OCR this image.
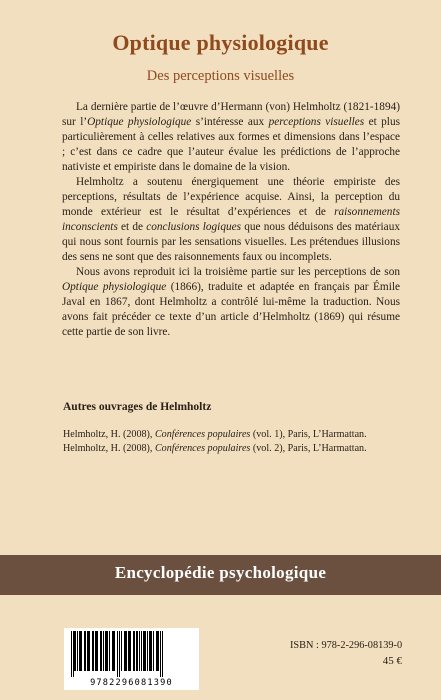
Optique physiologique
Des perceptions visuelles

La dernière partie de l’œuvre d’Hermann (von) Helmholtz (1821-1894) sur l’Optique physiologique s’intéresse aux perceptions visuelles et plus particulièrement à celles relatives aux formes et dimensions dans l’espace ; c’est dans ce cadre que l’auteur évalue les prédictions de l’approche nativiste et empiriste dans le domaine de la vision.

Helmholtz a soutenu énergiquement une théorie empiriste des perceptions, résultats de l’expérience acquise. Ainsi, la perception du monde extérieur est le résultat d’expériences et de raisonnements inconscients et de conclusions logiques que nous déduisons des matériaux qui nous sont fournis par les sensations visuelles. Les prétendues illusions des sens ne sont que des raisonnements faux ou incomplets.

Nous avons reproduit ici la troisième partie sur les perceptions de son Optique physiologique (1866), traduite et adaptée en français par Émile Javal en 1867, dont Helmholtz a contrôlé lui-même la traduction. Nous avons fait précéder ce texte d’un article d’Helmholtz (1869) qui résume cette partie de son livre.

Autres ouvrages de Helmholtz
Helmholtz, H. (2008), Conférences populaires (vol. 1), Paris, L’Harmattan.
Helmholtz, H. (2008), Conférences populaires (vol. 2), Paris, L’Harmattan.
Encyclopédie psychologique
9782296081390
ISBN : 978-2-296-08139-0
45 €
